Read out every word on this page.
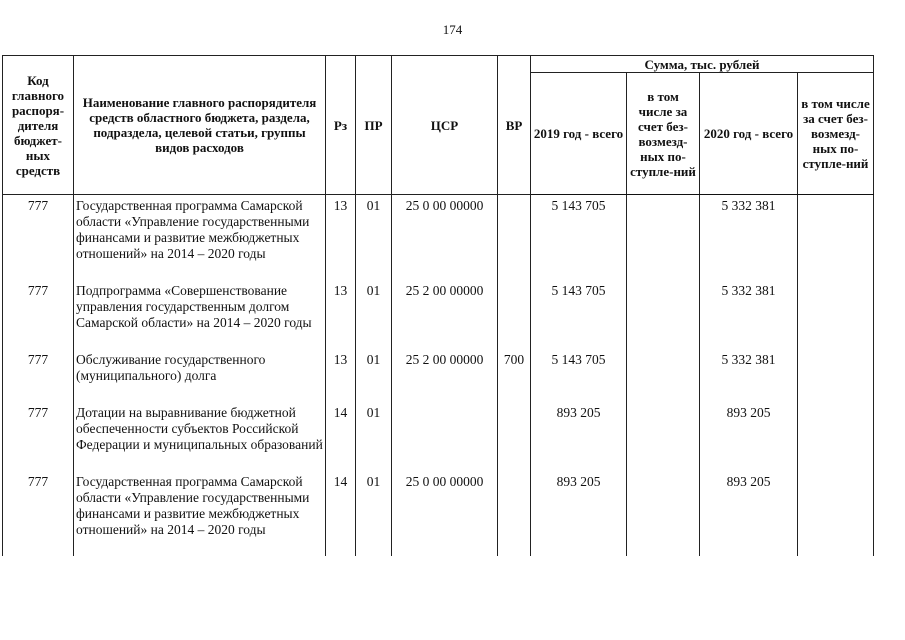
174
Код главного распоря-дителя бюджет-ных средств	Наименование главного распорядителя средств областного бюджета, раздела, подраздела, целевой статьи, группы видов расходов	Рз	ПР	ЦСР	ВР	Сумма, тыс. рублей			
						2019 год - всего	в том числе за счет без-возмезд-ных по-ступле-ний	2020 год - всего	в том числе за счет без-возмезд-ных по-ступле-ний
777	Государственная программа Самарской области «Управление государственными финансами и развитие межбюджетных отношений» на 2014 – 2020 годы	13	01	25 0 00 00000		5 143 705		5 332 381	
777	Подпрограмма «Совершенствование управления государственным долгом Самарской области» на 2014 – 2020 годы	13	01	25 2 00 00000		5 143 705		5 332 381	
777	Обслуживание государственного (муниципального) долга	13	01	25 2 00 00000	700	5 143 705		5 332 381	
777	Дотации на выравнивание бюджетной обеспеченности субъектов Российской Федерации и муниципальных образований	14	01			893 205		893 205	
777	Государственная программа Самарской области «Управление государственными финансами и развитие межбюджетных отношений» на 2014 – 2020 годы	14	01	25 0 00 00000		893 205		893 205	
